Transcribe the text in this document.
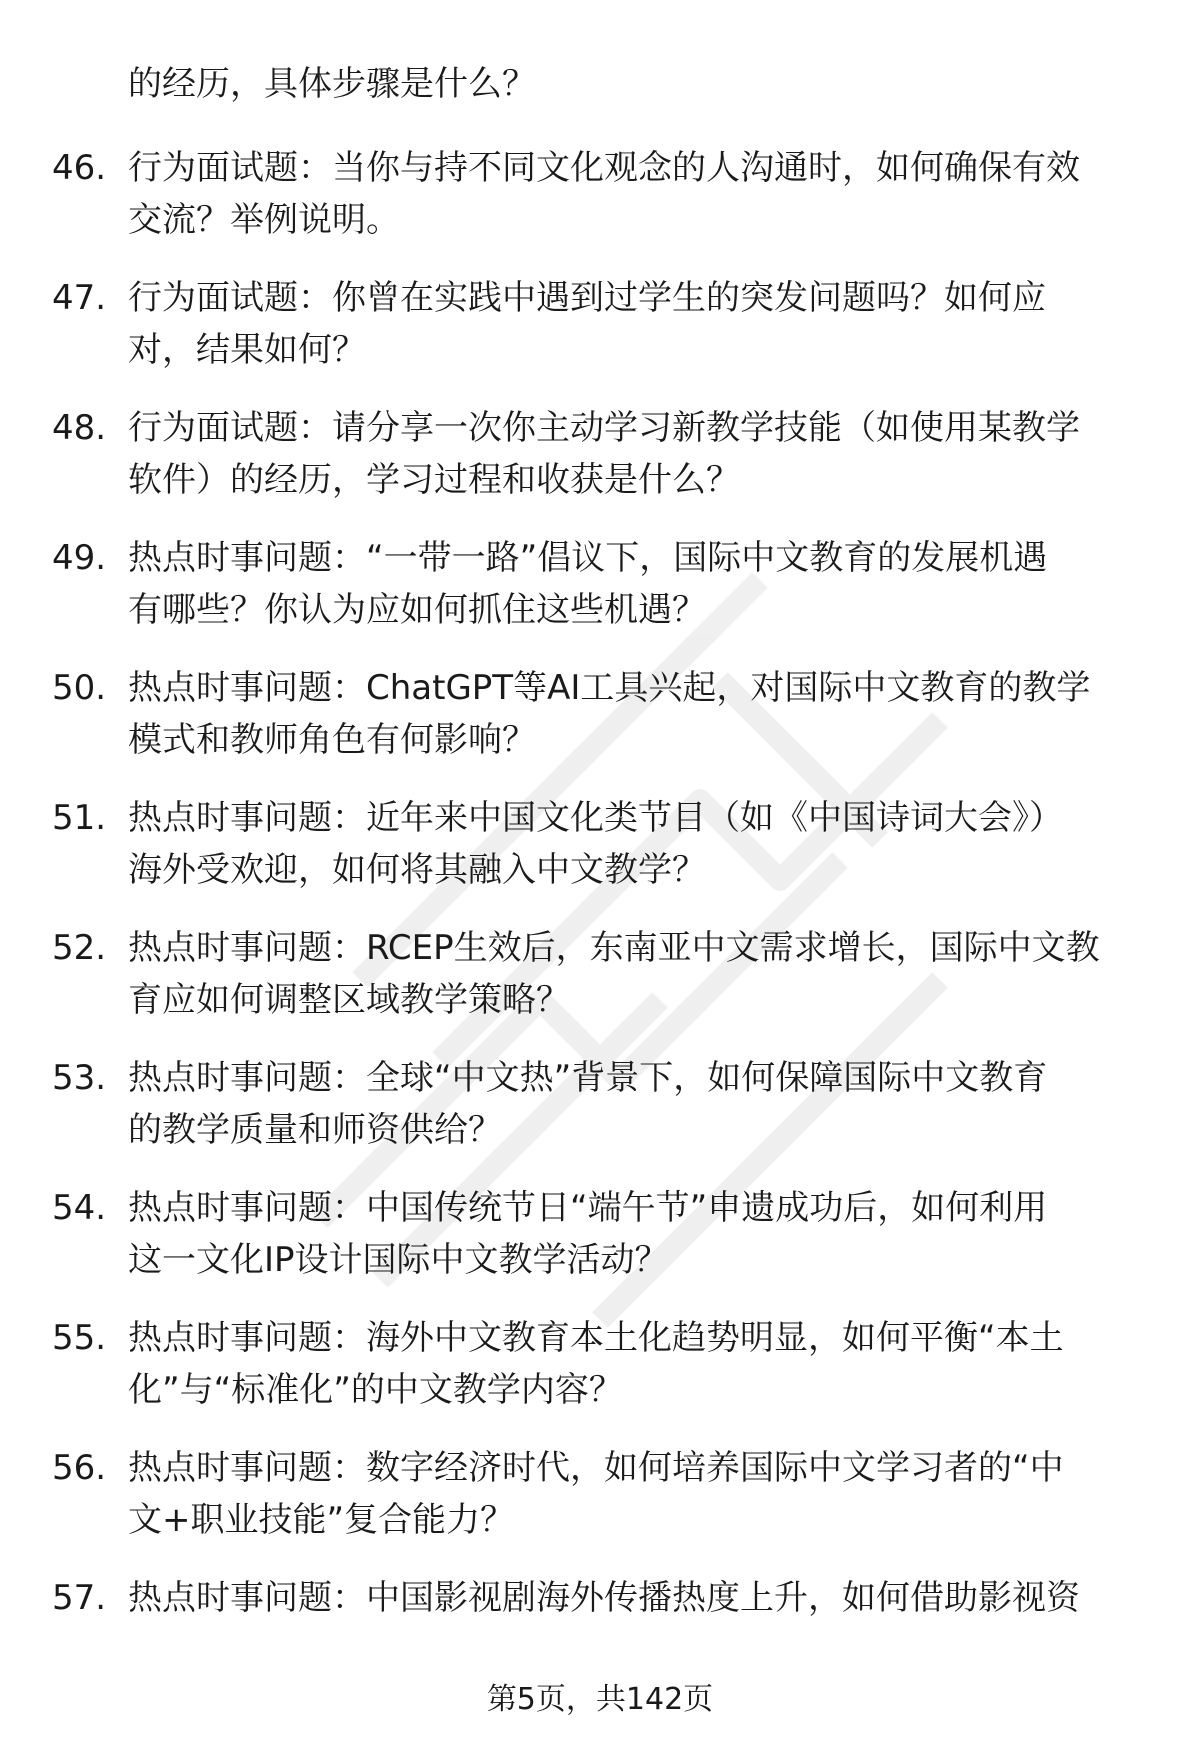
的经历，具体步骤是什么？
46. 行为面试题：当你与持不同文化观念的人沟通时，如何确保有效
交流？举例说明。
47. 行为面试题：你曾在实践中遇到过学生的突发问题吗？如何应
对，结果如何？
48. 行为面试题：请分享一次你主动学习新教学技能（如使用某教学
软件）的经历，学习过程和收获是什么？
49. 热点时事问题：“一带一路”倡议下，国际中文教育的发展机遇
有哪些？你认为应如何抓住这些机遇？
50. 热点时事问题：ChatGPT等AI工具兴起，对国际中文教育的教学
模式和教师角色有何影响？
51. 热点时事问题：近年来中国文化类节目（如《中国诗词大会》）
海外受欢迎，如何将其融入中文教学？
52. 热点时事问题：RCEP生效后，东南亚中文需求增长，国际中文教
育应如何调整区域教学策略？
53. 热点时事问题：全球“中文热”背景下，如何保障国际中文教育
的教学质量和师资供给？
54. 热点时事问题：中国传统节日“端午节”申遗成功后，如何利用
这一文化IP设计国际中文教学活动？
55. 热点时事问题：海外中文教育本土化趋势明显，如何平衡“本土
化”与“标准化”的中文教学内容？
56. 热点时事问题：数字经济时代，如何培养国际中文学习者的“中
文+职业技能”复合能力？
57. 热点时事问题：中国影视剧海外传播热度上升，如何借助影视资
第5页，共142页
